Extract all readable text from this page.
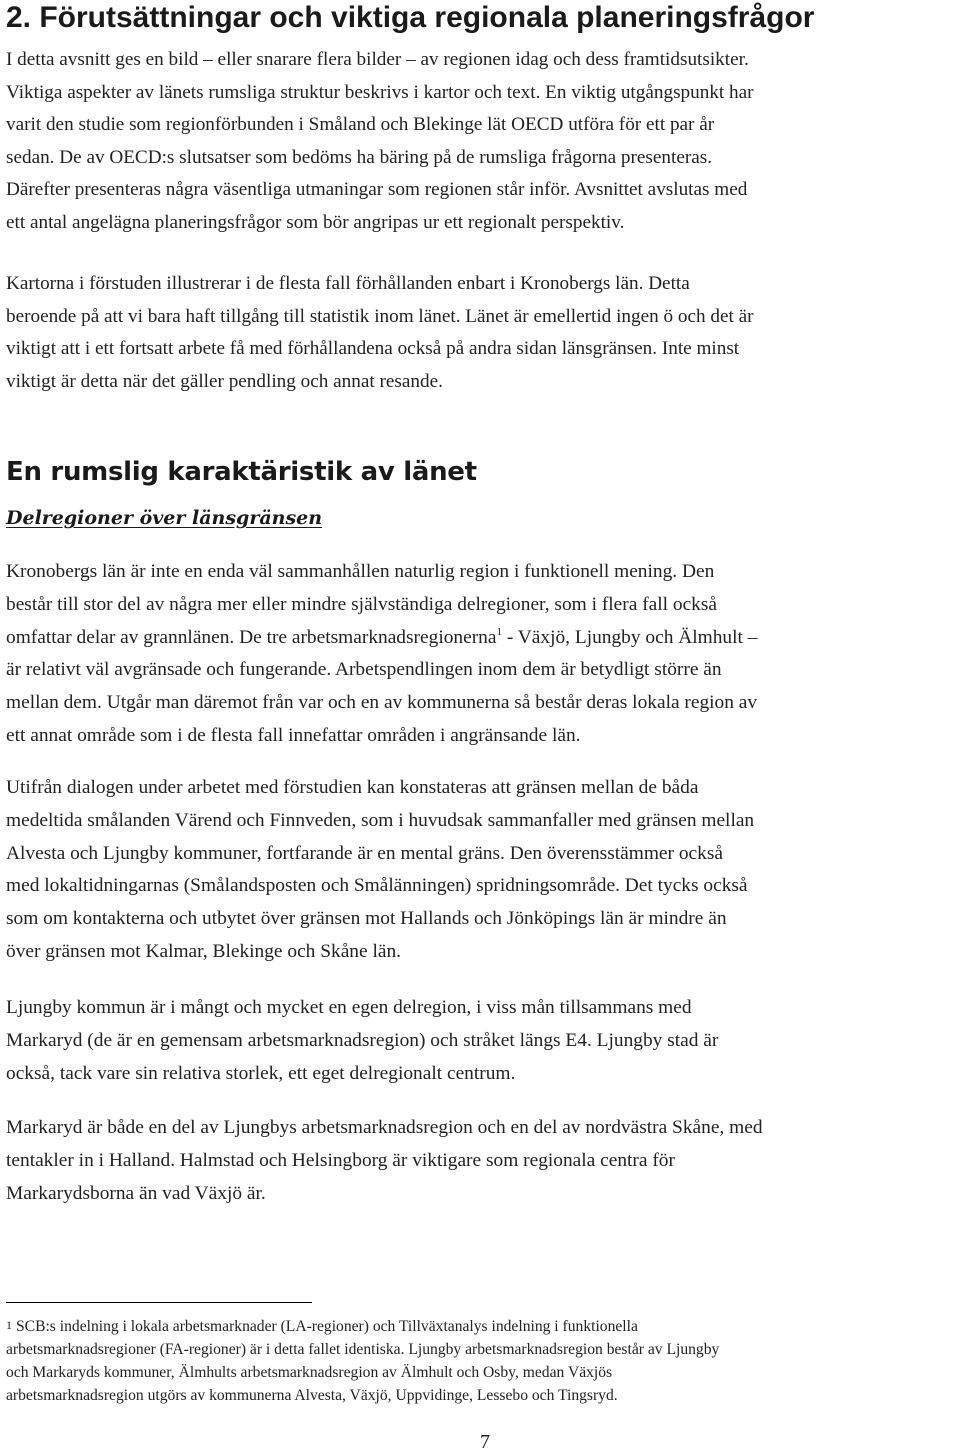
2. Förutsättningar och viktiga regionala planeringsfrågor

I detta avsnitt ges en bild – eller snarare flera bilder – av regionen idag och dess framtidsutsikter.
Viktiga aspekter av länets rumsliga struktur beskrivs i kartor och text. En viktig utgångspunkt har
varit den studie som regionförbunden i Småland och Blekinge lät OECD utföra för ett par år
sedan. De av OECD:s slutsatser som bedöms ha bäring på de rumsliga frågorna presenteras.
Därefter presenteras några väsentliga utmaningar som regionen står inför. Avsnittet avslutas med
ett antal angelägna planeringsfrågor som bör angripas ur ett regionalt perspektiv.

Kartorna i förstuden illustrerar i de flesta fall förhållanden enbart i Kronobergs län. Detta
beroende på att vi bara haft tillgång till statistik inom länet. Länet är emellertid ingen ö och det är
viktigt att i ett fortsatt arbete få med förhållandena också på andra sidan länsgränsen. Inte minst
viktigt är detta när det gäller pendling och annat resande.

En rumslig karaktäristik av länet
Delregioner över länsgränsen

Kronobergs län är inte en enda väl sammanhållen naturlig region i funktionell mening. Den
består till stor del av några mer eller mindre självständiga delregioner, som i flera fall också
omfattar delar av grannlänen. De tre arbetsmarknadsregionerna$^1$ - Växjö, Ljungby och Älmhult –
är relativt väl avgränsade och fungerande. Arbetspendlingen inom dem är betydligt större än
mellan dem. Utgår man däremot från var och en av kommunerna så består deras lokala region av
ett annat område som i de flesta fall innefattar områden i angränsande län.

Utifrån dialogen under arbetet med förstudien kan konstateras att gränsen mellan de båda
medeltida smålanden Värend och Finnveden, som i huvudsak sammanfaller med gränsen mellan
Alvesta och Ljungby kommuner, fortfarande är en mental gräns. Den överensstämmer också
med lokaltidningarnas (Smålandsposten och Smålänningen) spridningsområde. Det tycks också
som om kontakterna och utbytet över gränsen mot Hallands och Jönköpings län är mindre än
över gränsen mot Kalmar, Blekinge och Skåne län.

Ljungby kommun är i mångt och mycket en egen delregion, i viss mån tillsammans med
Markaryd (de är en gemensam arbetsmarknadsregion) och stråket längs E4. Ljungby stad är
också, tack vare sin relativa storlek, ett eget delregionalt centrum.

Markaryd är både en del av Ljungbys arbetsmarknadsregion och en del av nordvästra Skåne, med
tentakler in i Halland. Halmstad och Helsingborg är viktigare som regionala centra för
Markarydsborna än vad Växjö är.

1 SCB:s indelning i lokala arbetsmarknader (LA-regioner) och Tillväxtanalys indelning i funktionella
arbetsmarknadsregioner (FA-regioner) är i detta fallet identiska. Ljungby arbetsmarknadsregion består av Ljungby
och Markaryds kommuner, Älmhults arbetsmarknadsregion av Älmhult och Osby, medan Växjös
arbetsmarknadsregion utgörs av kommunerna Alvesta, Växjö, Uppvidinge, Lessebo och Tingsryd.

7
